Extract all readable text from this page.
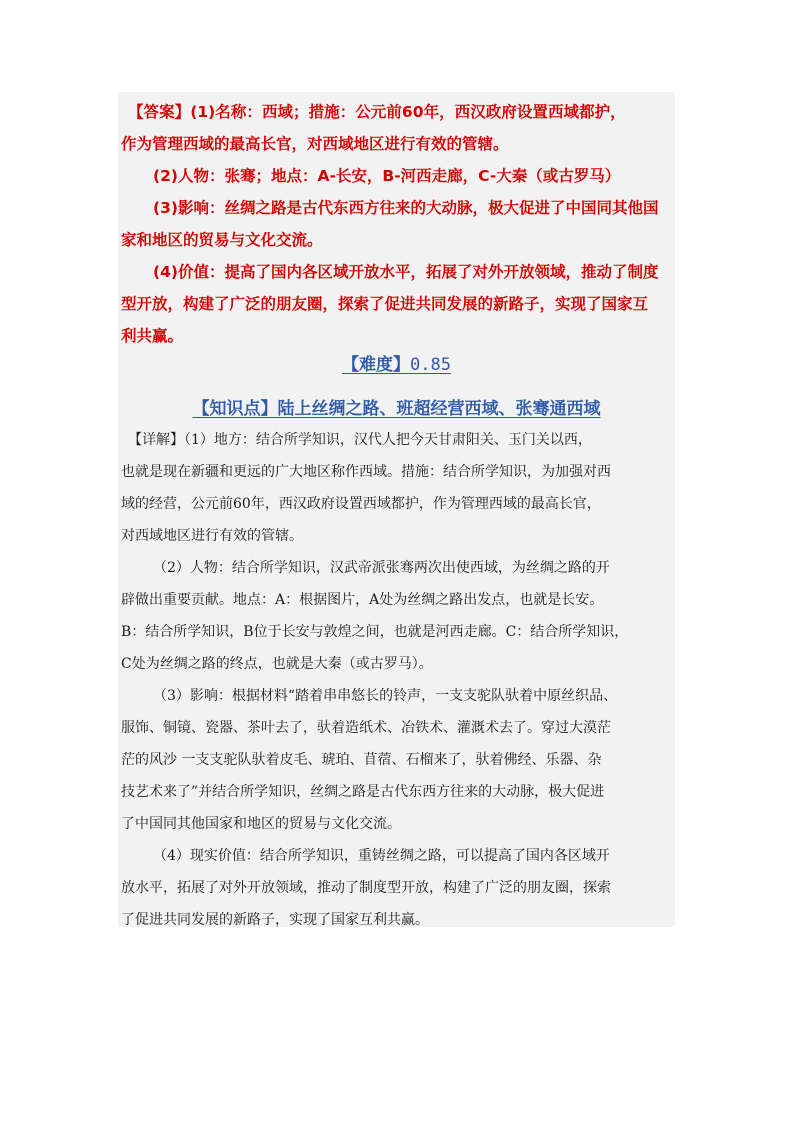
【答案】(1)名称：西域；措施：公元前60年，西汉政府设置西域都护，
作为管理西域的最高长官，对西域地区进行有效的管辖。
(2)人物：张骞；地点：A-长安，B-河西走廊，C-大秦（或古罗马）
(3)影响：丝绸之路是古代东西方往来的大动脉，极大促进了中国同其他国
家和地区的贸易与文化交流。
(4)价值：提高了国内各区域开放水平，拓展了对外开放领域，推动了制度
型开放，构建了广泛的朋友圈，探索了促进共同发展的新路子，实现了国家互
利共赢。
【难度】0.85
【知识点】陆上丝绸之路、班超经营西域、张骞通西域
【详解】（1）地方：结合所学知识，汉代人把今天甘肃阳关、玉门关以西，
也就是现在新疆和更远的广大地区称作西域。措施：结合所学知识，为加强对西
域的经营，公元前60年，西汉政府设置西域都护，作为管理西域的最高长官，
对西域地区进行有效的管辖。
（2）人物：结合所学知识，汉武帝派张骞两次出使西域，为丝绸之路的开
辟做出重要贡献。地点：A：根据图片，A处为丝绸之路出发点，也就是长安。
B：结合所学知识，B位于长安与敦煌之间，也就是河西走廊。C：结合所学知识，
C处为丝绸之路的终点，也就是大秦（或古罗马）。
（3）影响：根据材料“踏着串串悠长的铃声，一支支驼队驮着中原丝织品、
服饰、铜镜、瓷器、茶叶去了，驮着造纸术、冶铁术、灌溉术去了。穿过大漠茫
茫的风沙 一支支驼队驮着皮毛、琥珀、苜蓿、石榴来了，驮着佛经、乐器、杂
技艺术来了”并结合所学知识，丝绸之路是古代东西方往来的大动脉，极大促进
了中国同其他国家和地区的贸易与文化交流。
（4）现实价值：结合所学知识，重铸丝绸之路，可以提高了国内各区域开
放水平，拓展了对外开放领域，推动了制度型开放，构建了广泛的朋友圈，探索
了促进共同发展的新路子，实现了国家互利共赢。
